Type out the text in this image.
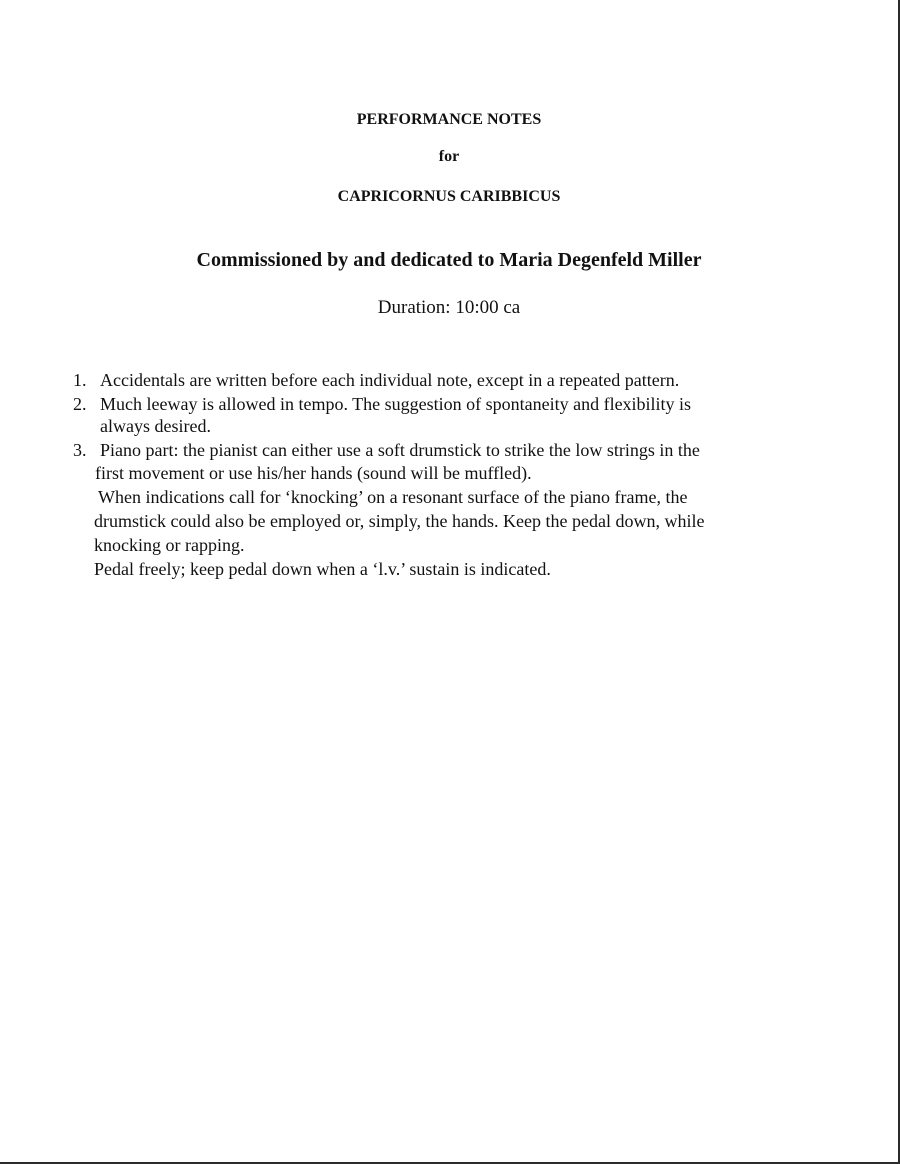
PERFORMANCE NOTES
for
CAPRICORNUS CARIBBICUS
Commissioned by and dedicated to Maria Degenfeld Miller
Duration: 10:00 ca
1. Accidentals are written before each individual note, except in a repeated pattern.
2. Much leeway is allowed in tempo. The suggestion of spontaneity and flexibility is
always desired.
3. Piano part: the pianist can either use a soft drumstick to strike the low strings in the
first movement or use his/her hands (sound will be muffled).
When indications call for ‘knocking’ on a resonant surface of the piano frame, the
drumstick could also be employed or, simply, the hands. Keep the pedal down, while
knocking or rapping.
Pedal freely; keep pedal down when a ‘l.v.’ sustain is indicated.
